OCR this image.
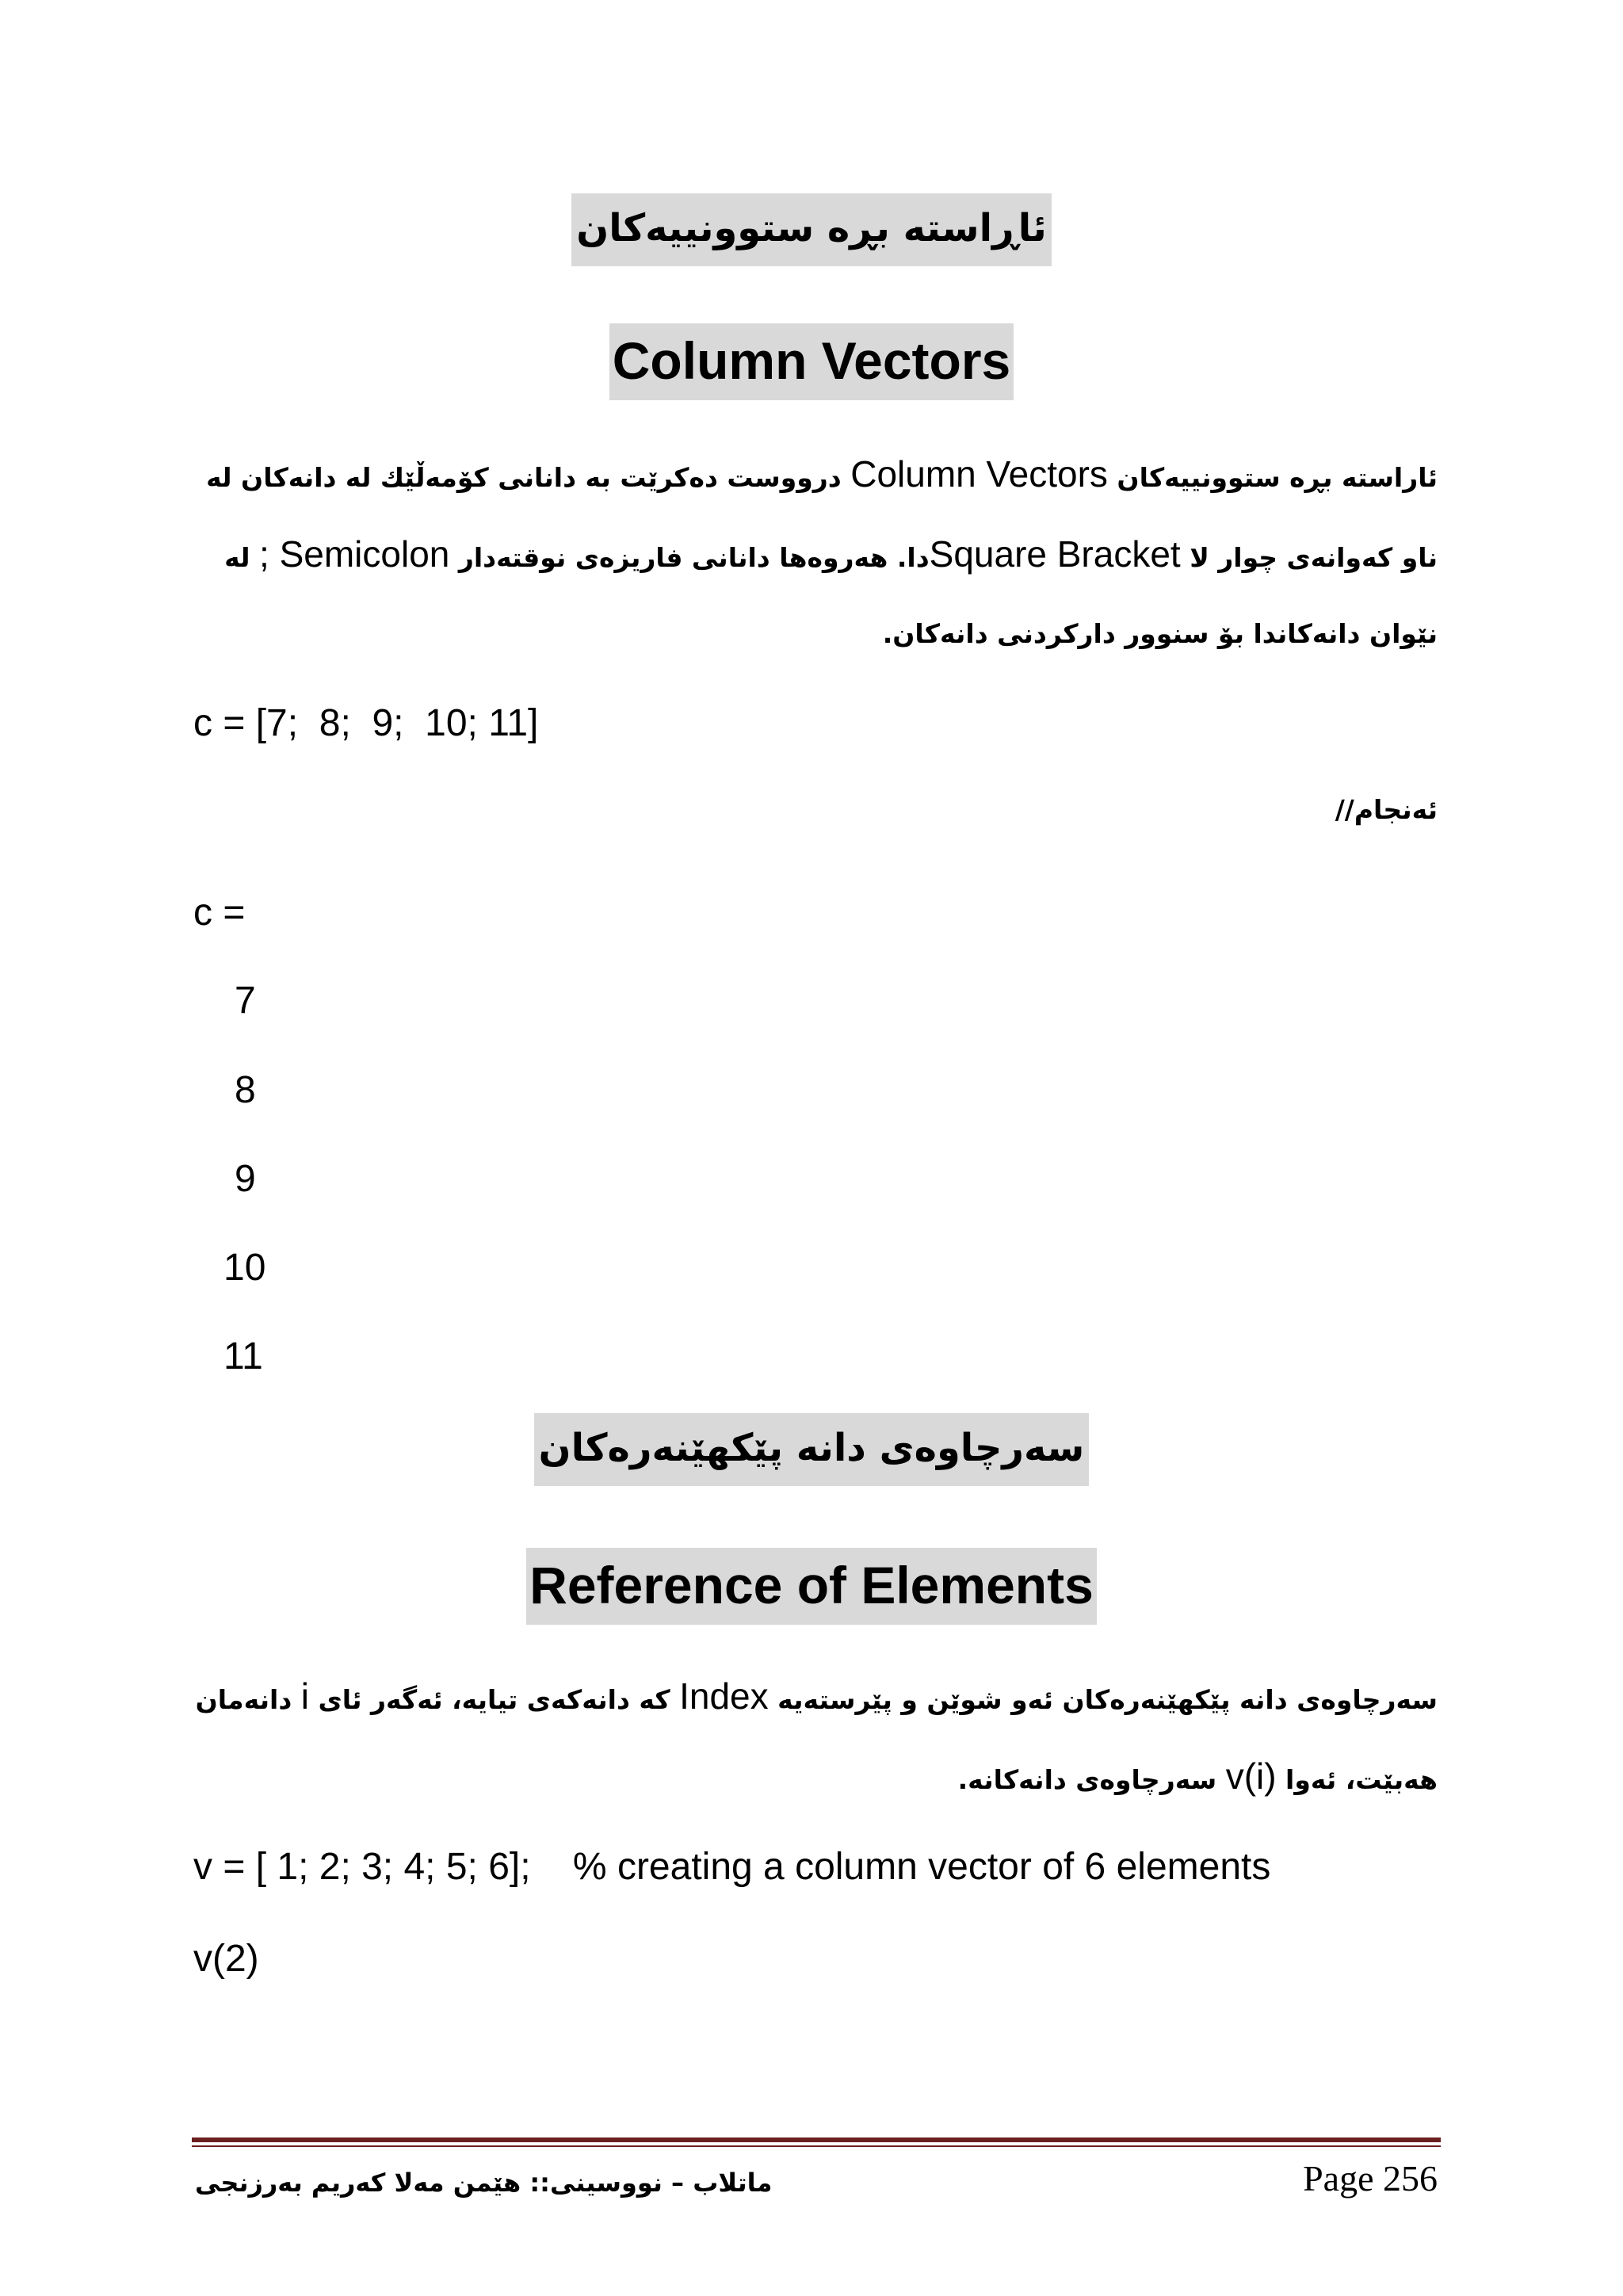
ئاڕاسته بڕە ستوونییەکان
Column Vectors
ئاراسته بڕە ستوونییەکان Column Vectors درووست دەکرێت بە دانانی کۆمەڵێك لە دانەکان لە
ناو کەوانەی چوار لا Square Bracketدا. هەروەها دانانی فاریزەی نوقتەدار ; Semicolon لە
نێوان دانەکاندا بۆ سنوور دارکردنی دانەکان.
c = [7;  8;  9;  10; 11]
ئەنجام//
c =
7
8
9
10
11
سەرچاوەی دانە پێکهێنەرەکان
Reference of Elements
سەرچاوەی دانە پێکهێنەرەکان ئەو شوێن و پێرستەیە Index کە دانەکەی تیایە، ئەگەر ئای i دانەمان
هەبێت، ئەوا v(i) سەرچاوەی دانەکانە.
v = [ 1; 2; 3; 4; 5; 6];    % creating a column vector of 6 elements
v(2)
ماتلاب – نووسینی:: هێمن مەلا کەریم بەرزنجی	Page 256
